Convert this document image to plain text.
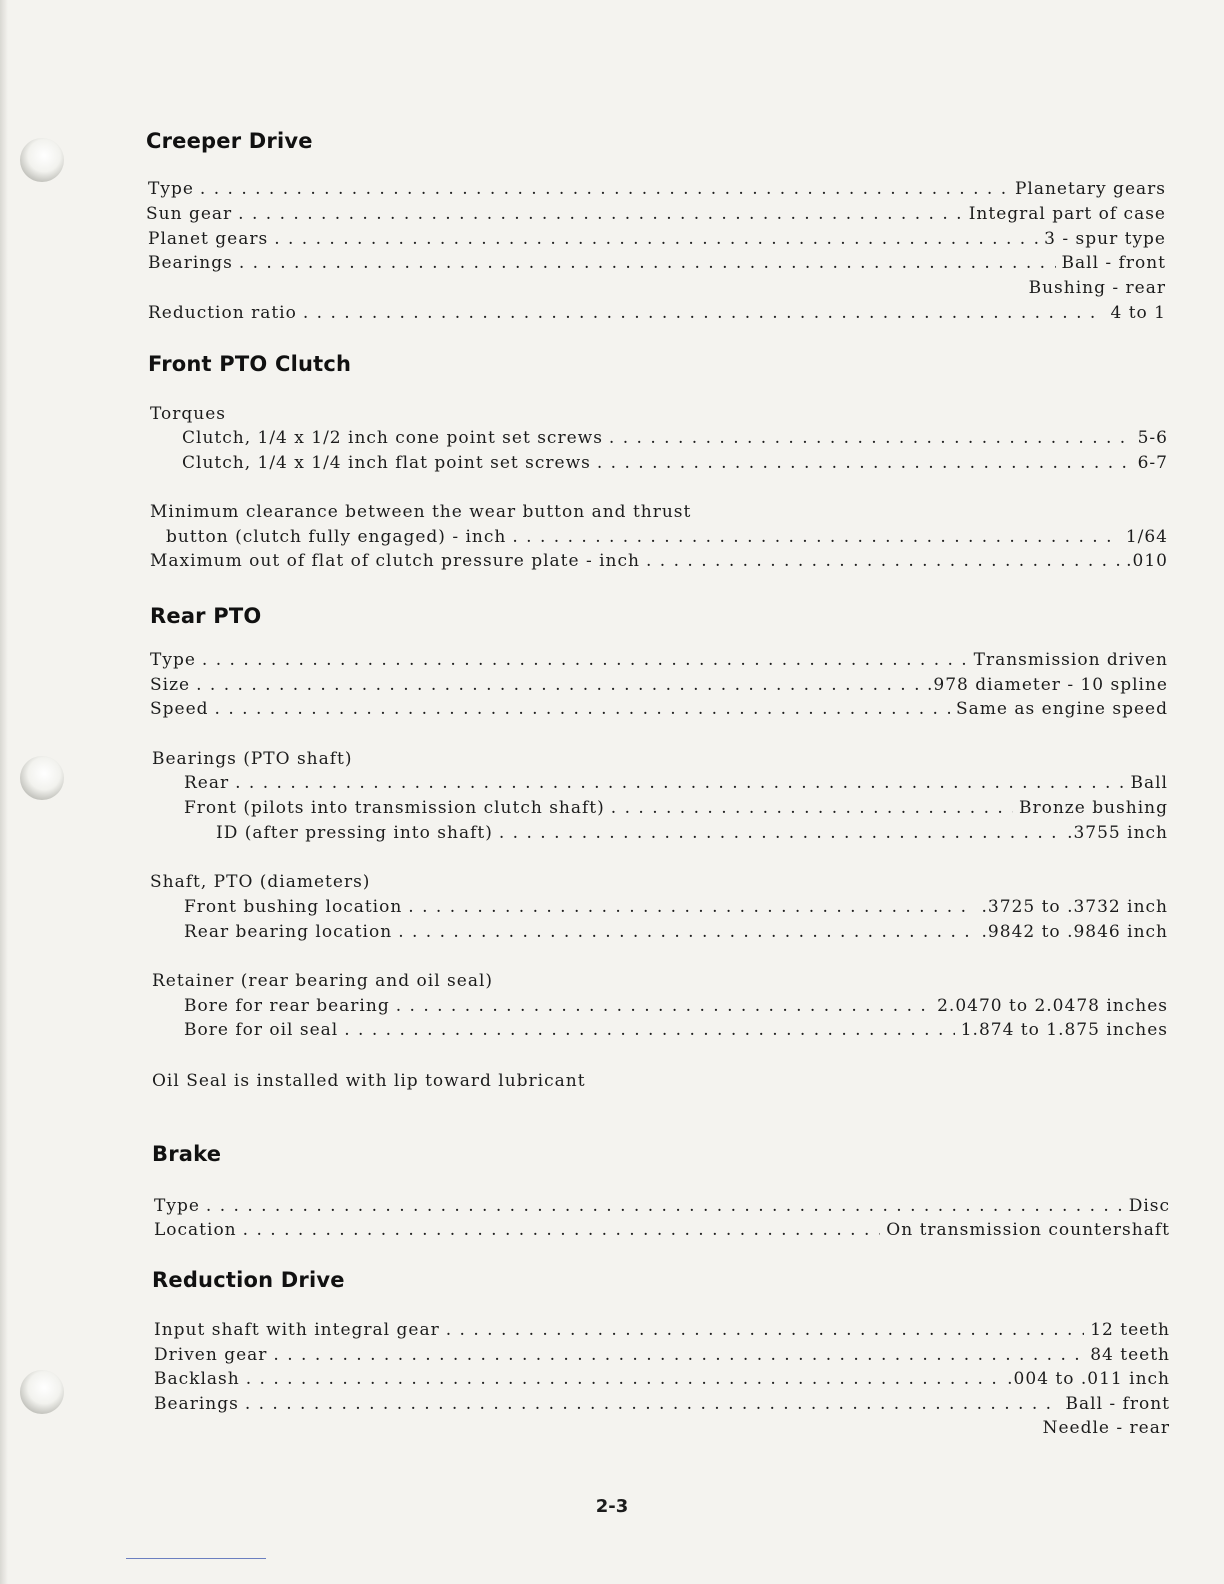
Creeper Drive
Type . . .	Planetary gears
Sun gear . . .	Integral part of case
Planet gears . . .	3 - spur type
Bearings . . .	Ball - front
Bushing - rear
Reduction ratio . . .	4 to 1
Front PTO Clutch
Torques
Clutch, 1/4 x 1/2 inch cone point set screws . . .	5-6
Clutch, 1/4 x 1/4 inch flat point set screws . . .	6-7
Minimum clearance between the wear button and thrust
button (clutch fully engaged) - inch . . .	1/64
Maximum out of flat of clutch pressure plate - inch . . .	.010
Rear PTO
Type . . .	Transmission driven
Size . . .	.978 diameter - 10 spline
Speed . . .	Same as engine speed
Bearings (PTO shaft)
Rear . . .	Ball
Front (pilots into transmission clutch shaft) . . .	Bronze bushing
ID (after pressing into shaft) . . .	.3755 inch
Shaft, PTO (diameters)
Front bushing location . . .	.3725 to .3732 inch
Rear bearing location . . .	.9842 to .9846 inch
Retainer (rear bearing and oil seal)
Bore for rear bearing . . .	2.0470 to 2.0478 inches
Bore for oil seal . . .	1.874 to 1.875 inches
Oil Seal is installed with lip toward lubricant
Brake
Type . . .	Disc
Location . . .	On transmission countershaft
Reduction Drive
Input shaft with integral gear . . .	12 teeth
Driven gear . . .	84 teeth
Backlash . . .	.004 to .011 inch
Bearings . . .	Ball - front
Needle - rear
2-3
